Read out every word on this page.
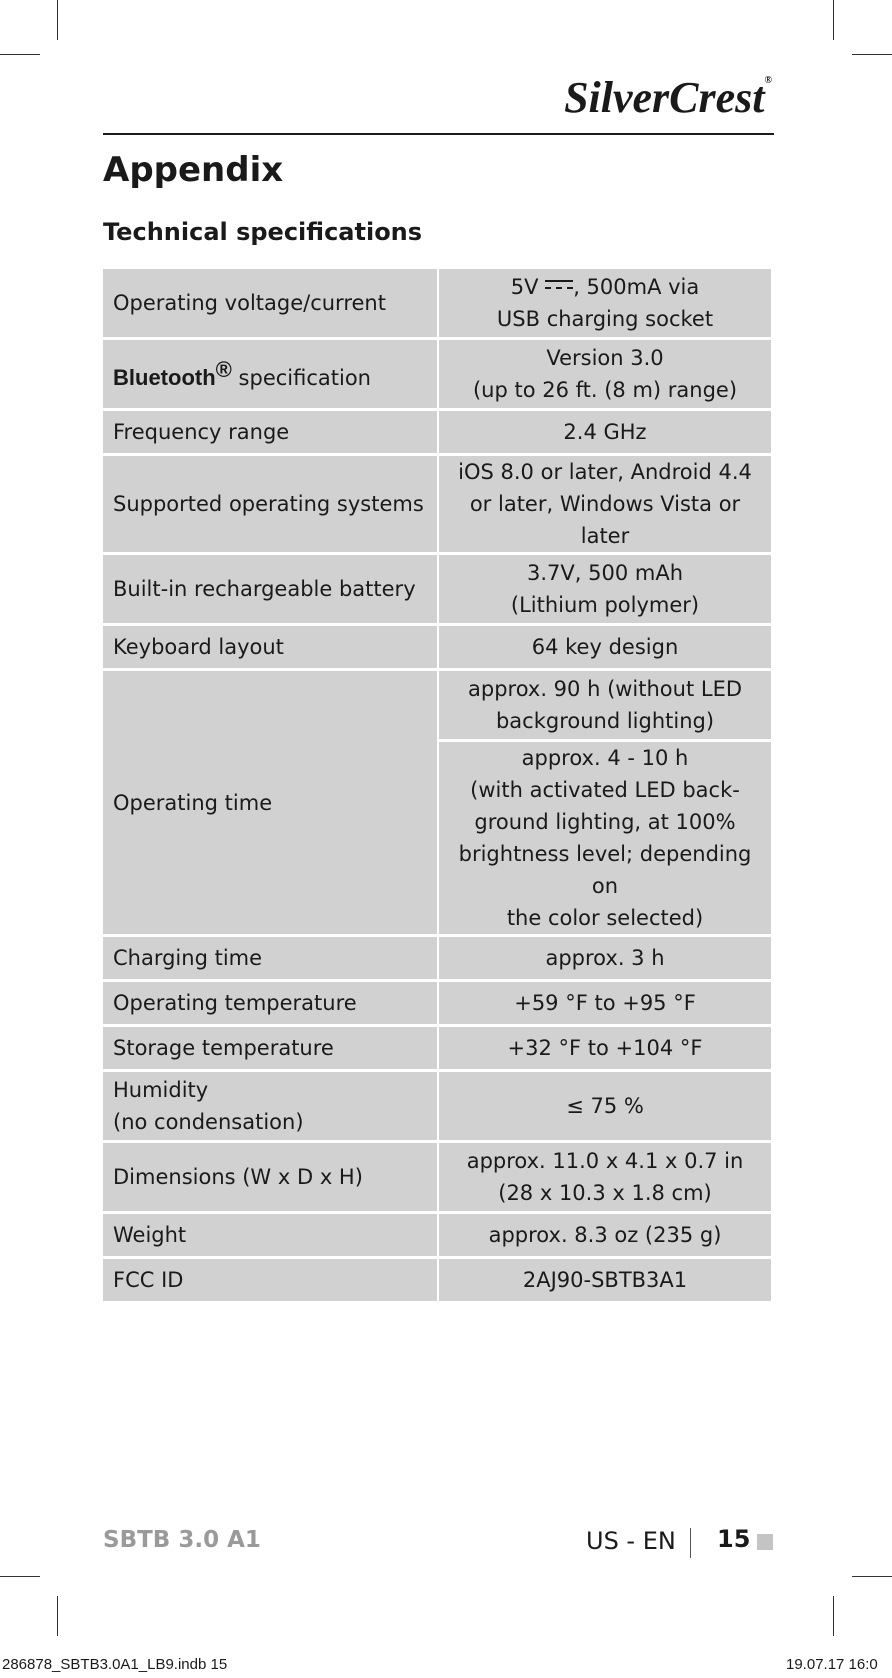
SilverCrest®
Appendix
Technical specifications
Operating voltage/current	5V , 500mA via
USB charging socket
Bluetooth® specification	Version 3.0
(up to 26 ft. (8 m) range)
Frequency range	2.4 GHz
Supported operating systems	iOS 8.0 or later, Android 4.4
or later, Windows Vista or later
Built-in rechargeable battery	3.7V, 500 mAh
(Lithium polymer)
Keyboard layout	64 key design
Operating time	approx. 90 h (without LED
background lighting)
	approx. 4 - 10 h
(with activated LED back-
ground lighting, at 100%
brightness level; depending on
the color selected)
Charging time	approx. 3 h
Operating temperature	+59 °F to +95 °F
Storage temperature	+32 °F to +104 °F
Humidity
(no condensation)	≤ 75 %
Dimensions (W x D x H)	approx. 11.0 x 4.1 x 0.7 in
(28 x 10.3 x 1.8 cm)
Weight	approx. 8.3 oz (235 g)
FCC ID	2AJ90-SBTB3A1
SBTB 3.0 A1	US - EN 15
286878_SBTB3.0A1_LB9.indb 15	19.07.17 16:0
